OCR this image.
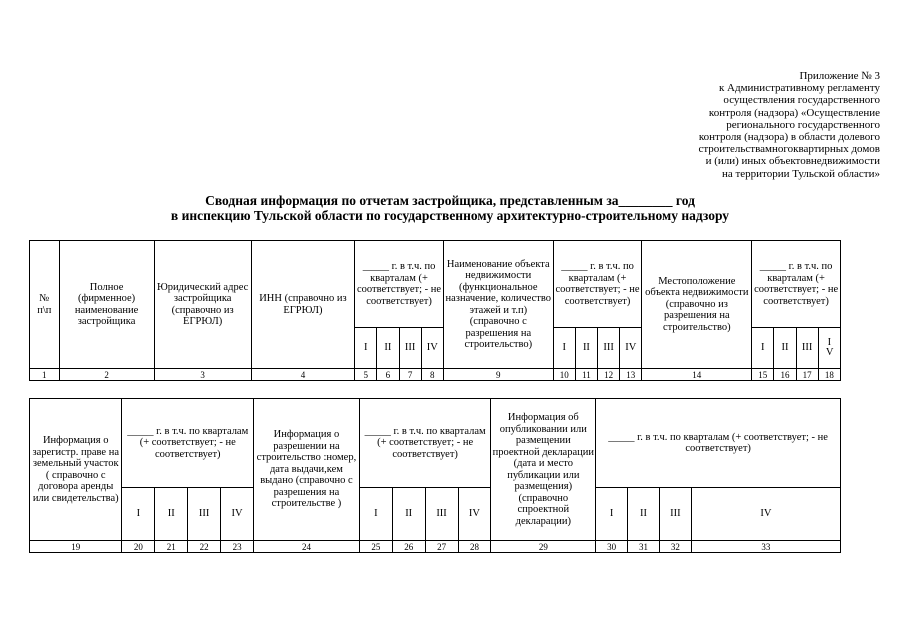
Приложение № 3
к Административному регламенту
осуществления государственного
контроля (надзора) «Осуществление
регионального государственного
контроля (надзора) в области долевого
строительствамногоквартирных домов
и (или) иных объектовнедвижимости
на территории Тульской области»
Сводная информация по отчетам застройщика, представленным за________ год
в инспекцию Тульской области по государственному архитектурно-строительному надзору
№ п\п	Полное (фирменное) наименование застройщика	Юридический адрес застройщика (справочно из ЕГРЮЛ)	ИНН (справочно из ЕГРЮЛ)	_____ г. в т.ч. по кварталам (+ соответствует; - не соответствует)				Наименование объекта недвижимости (функциональное назначение, количество этажей и т.п) (справочно с разрешения на строительство)	_____ г. в т.ч. по кварталам (+ соответствует; - не соответствует)				Местоположение объекта недвижимости (справочно из разрешения на строительство)	_____ г. в т.ч. по кварталам (+ соответствует; - не соответствует)			
				I	II	III	IV		I	II	III	IV		I	II	III	IV
1	2	3	4	5	6	7	8	9	10	11	12	13	14	15	16	17	18
Информация о зарегистр. праве на земельный участок ( справочно с договора аренды или свидетельства)	_____ г. в т.ч. по кварталам (+ соответствует; - не соответствует)				Информация о разрешении на строительство :номер, дата выдачи,кем выдано (справочно с разрешения на строительстве )	_____ г. в т.ч. по кварталам (+ соответствует; - не соответствует)				Информация об опубликовании или размещении проектной декларации (дата и место публикации или размещения) (справочно спроектной декларации)	_____ г. в т.ч. по кварталам (+ соответствует; - не соответствует)			
	I	II	III	IV		I	II	III	IV		I	II	III	IV
19	20	21	22	23	24	25	26	27	28	29	30	31	32	33
